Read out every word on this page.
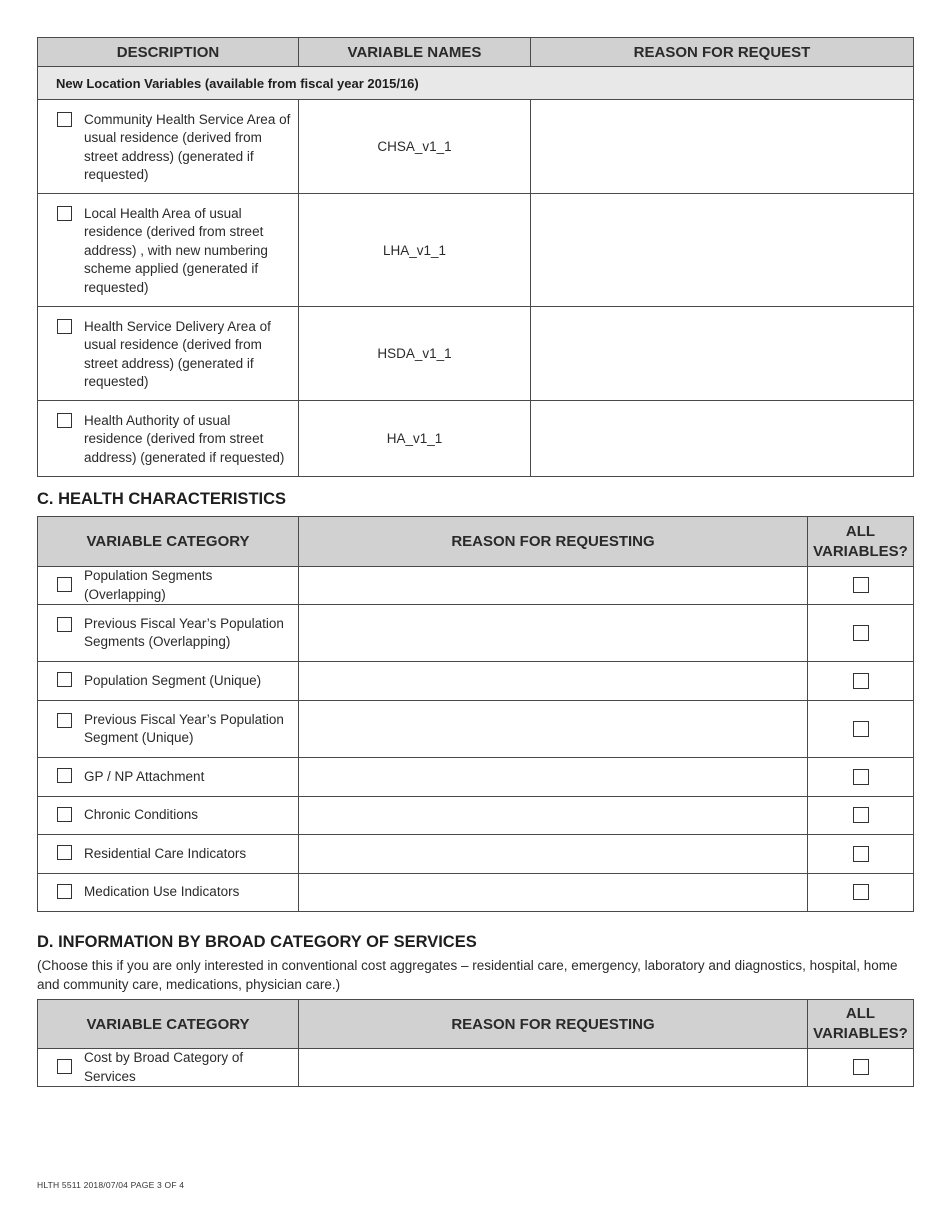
DESCRIPTION	VARIABLE NAMES	REASON FOR REQUEST
New Location Variables (available from fiscal year 2015/16)		

Community Health Service Area of usual residence (derived from street address) (generated if requested)	CHSA_v1_1	

Local Health Area of usual residence (derived from street address) , with new numbering scheme applied (generated if requested)	LHA_v1_1	

Health Service Delivery Area of usual residence (derived from street address) (generated if requested)	HSDA_v1_1	

Health Authority of usual residence (derived from street address) (generated if requested)	HA_v1_1	
C. HEALTH CHARACTERISTICS
VARIABLE CATEGORY	REASON FOR REQUESTING	ALL VARIABLES?

Population Segments (Overlapping)		

Previous Fiscal Year’s Population Segments (Overlapping)		

Population Segment (Unique)		

Previous Fiscal Year’s Population Segment (Unique)		

GP / NP Attachment		

Chronic Conditions		

Residential Care Indicators		

Medication Use Indicators		
D. INFORMATION BY BROAD CATEGORY OF SERVICES

(Choose this if you are only interested in conventional cost aggregates – residential care, emergency, laboratory and diagnostics, hospital, home and community care, medications, physician care.)

VARIABLE CATEGORY	REASON FOR REQUESTING	ALL VARIABLES?

Cost by Broad Category of Services		
HLTH 5511 2018/07/04 PAGE 3 OF 4
